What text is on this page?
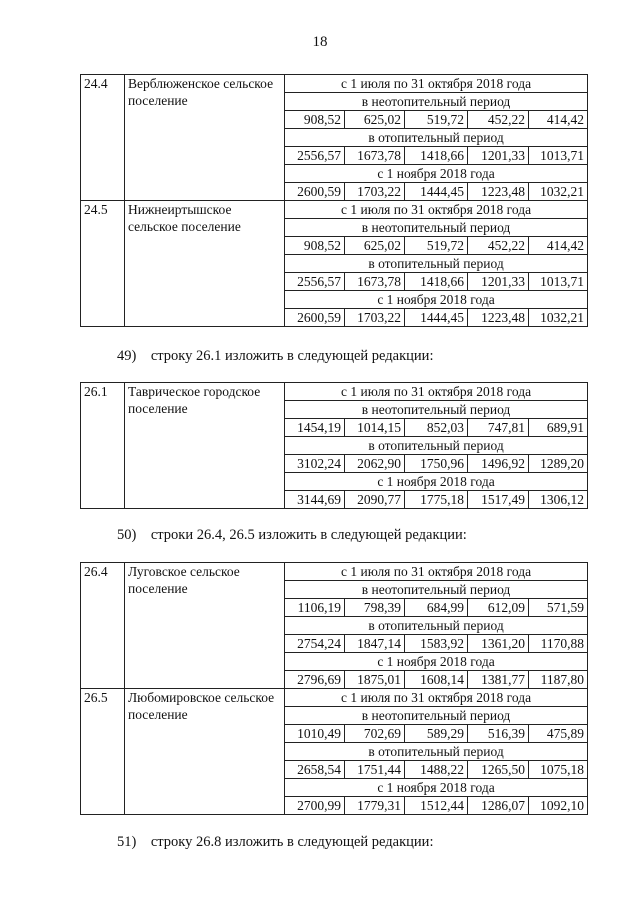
18
24.4	Верблюженское сельское поселение	с 1 июля по 31 октября 2018 года				
		в неотопительный период				
		908,52	625,02	519,72	452,22	414,42
		в отопительный период				
		2556,57	1673,78	1418,66	1201,33	1013,71
		с 1 ноября 2018 года				
		2600,59	1703,22	1444,45	1223,48	1032,21
24.5	Нижнеиртышское сельское поселение	с 1 июля по 31 октября 2018 года				
		в неотопительный период				
		908,52	625,02	519,72	452,22	414,42
		в отопительный период				
		2556,57	1673,78	1418,66	1201,33	1013,71
		с 1 ноября 2018 года				
		2600,59	1703,22	1444,45	1223,48	1032,21
49) строку 26.1 изложить в следующей редакции:
26.1	Таврическое городское поселение	с 1 июля по 31 октября 2018 года				
		в неотопительный период				
		1454,19	1014,15	852,03	747,81	689,91
		в отопительный период				
		3102,24	2062,90	1750,96	1496,92	1289,20
		с 1 ноября 2018 года				
		3144,69	2090,77	1775,18	1517,49	1306,12
50) строки 26.4, 26.5 изложить в следующей редакции:
26.4	Луговское сельское поселение	с 1 июля по 31 октября 2018 года				
		в неотопительный период				
		1106,19	798,39	684,99	612,09	571,59
		в отопительный период				
		2754,24	1847,14	1583,92	1361,20	1170,88
		с 1 ноября 2018 года				
		2796,69	1875,01	1608,14	1381,77	1187,80
26.5	Любомировское сельское поселение	с 1 июля по 31 октября 2018 года				
		в неотопительный период				
		1010,49	702,69	589,29	516,39	475,89
		в отопительный период				
		2658,54	1751,44	1488,22	1265,50	1075,18
		с 1 ноября 2018 года				
		2700,99	1779,31	1512,44	1286,07	1092,10
51) строку 26.8 изложить в следующей редакции:
